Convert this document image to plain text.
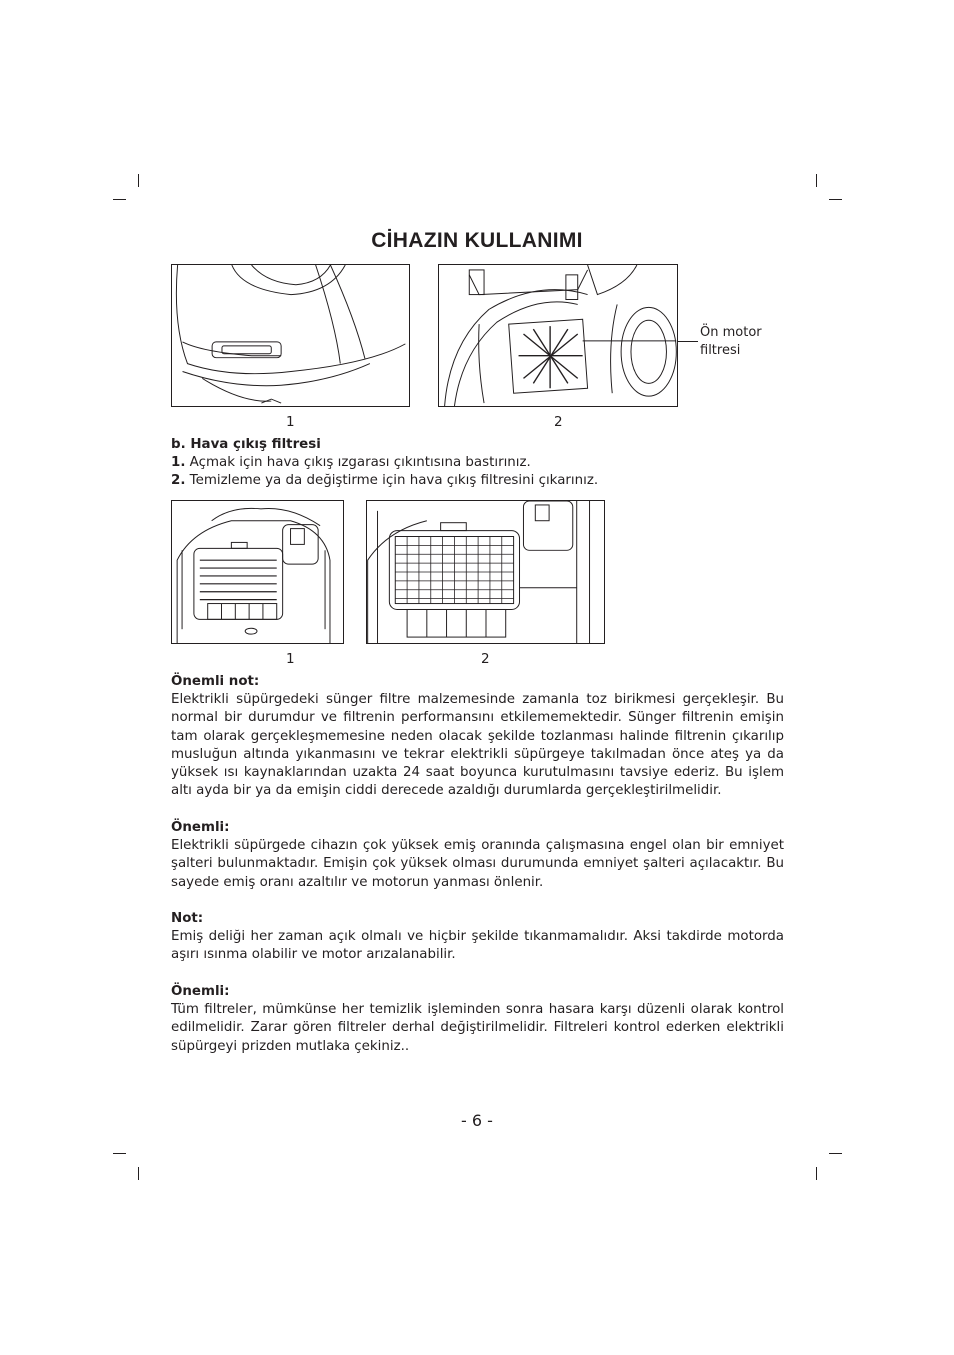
CİHAZIN KULLANIMI
1	2
Ön motor
filtresi

b. Hava çıkış filtresi

1. Açmak için hava çıkış ızgarası çıkıntısına bastırınız.

2. Temizleme ya da değiştirme için hava çıkış filtresini çıkarınız.

1	2

Önemli not:

Elektrikli süpürgedeki sünger filtre malzemesinde zamanla toz birikmesi gerçekleşir. Bu normal bir durumdur ve filtrenin performansını etkilememektedir. Sünger filtrenin emişin tam olarak gerçekleşmemesine neden olacak şekilde tozlanması halinde filtrenin çıkarılıp musluğun altında yıkanmasını ve tekrar elektrikli süpürgeye takılmadan önce ateş ya da yüksek ısı kaynaklarından uzakta 24 saat boyunca kurutulmasını tavsiye ederiz. Bu işlem altı ayda bir ya da emişin ciddi derecede azaldığı durumlarda gerçekleştirilmelidir.

Önemli:

Elektrikli süpürgede cihazın çok yüksek emiş oranında çalışmasına engel olan bir emniyet şalteri bulunmaktadır. Emişin çok yüksek olması durumunda emniyet şalteri açılacaktır. Bu sayede emiş oranı azaltılır ve motorun yanması önlenir.

Not:

Emiş deliği her zaman açık olmalı ve hiçbir şekilde tıkanmamalıdır. Aksi takdirde motorda aşırı ısınma olabilir ve motor arızalanabilir.

Önemli:

Tüm filtreler, mümkünse her temizlik işleminden sonra hasara karşı düzenli olarak kontrol edilmelidir. Zarar gören filtreler derhal değiştirilmelidir. Filtreleri kontrol ederken elektrikli süpürgeyi prizden mutlaka çekiniz..

- 6 -
